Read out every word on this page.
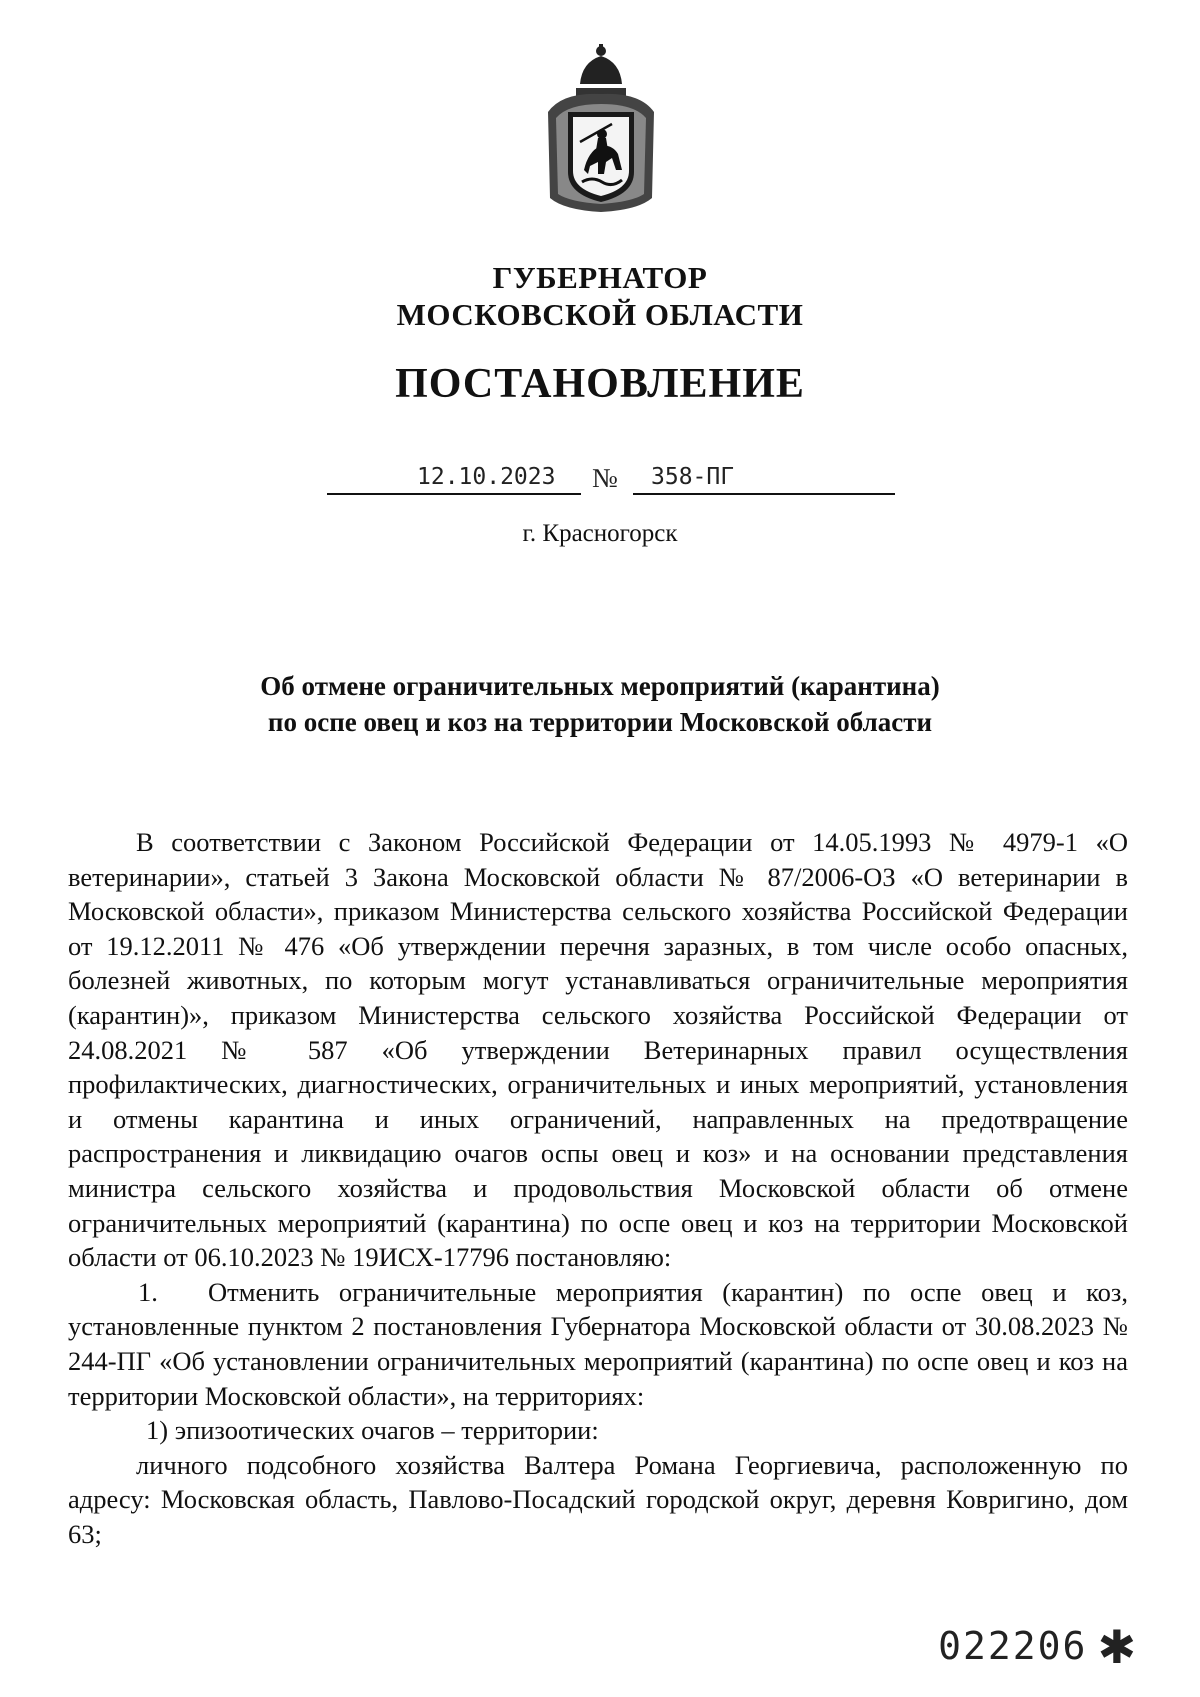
ГУБЕРНАТОР
МОСКОВСКОЙ ОБЛАСТИ
ПОСТАНОВЛЕНИЕ
12.10.2023 № 358-ПГ
г. Красногорск
Об отмене ограничительных мероприятий (карантина)
по оспе овец и коз на территории Московской области

В соответствии с Законом Российской Федерации от 14.05.1993 № 4979-1 «О ветеринарии», статьей 3 Закона Московской области № 87/2006-ОЗ «О ветеринарии в Московской области», приказом Министерства сельского хозяйства Российской Федерации от 19.12.2011 № 476 «Об утверждении перечня заразных, в том числе особо опасных, болезней животных, по которым могут устанавливаться ограничительные мероприятия (карантин)», приказом Министерства сельского хозяйства Российской Федерации от 24.08.2021 № 587 «Об утверждении Ветеринарных правил осуществления профилактических, диагностических, ограничительных и иных мероприятий, установления и отмены карантина и иных ограничений, направленных на предотвращение распространения и ликвидацию очагов оспы овец и коз» и на основании представления министра сельского хозяйства и продовольствия Московской области об отмене ограничительных мероприятий (карантина) по оспе овец и коз на территории Московской области от 06.10.2023 № 19ИСХ-17796 постановляю:

1. Отменить ограничительные мероприятия (карантин) по оспе овец и коз, установленные пунктом 2 постановления Губернатора Московской области от 30.08.2023 № 244-ПГ «Об установлении ограничительных мероприятий (карантина) по оспе овец и коз на территории Московской области», на территориях:

1) эпизоотических очагов – территории:

личного подсобного хозяйства Валтера Романа Георгиевича, расположенную по адресу: Московская область, Павлово-Посадский городской округ, деревня Ковригино, дом 63;

022206 ✱
